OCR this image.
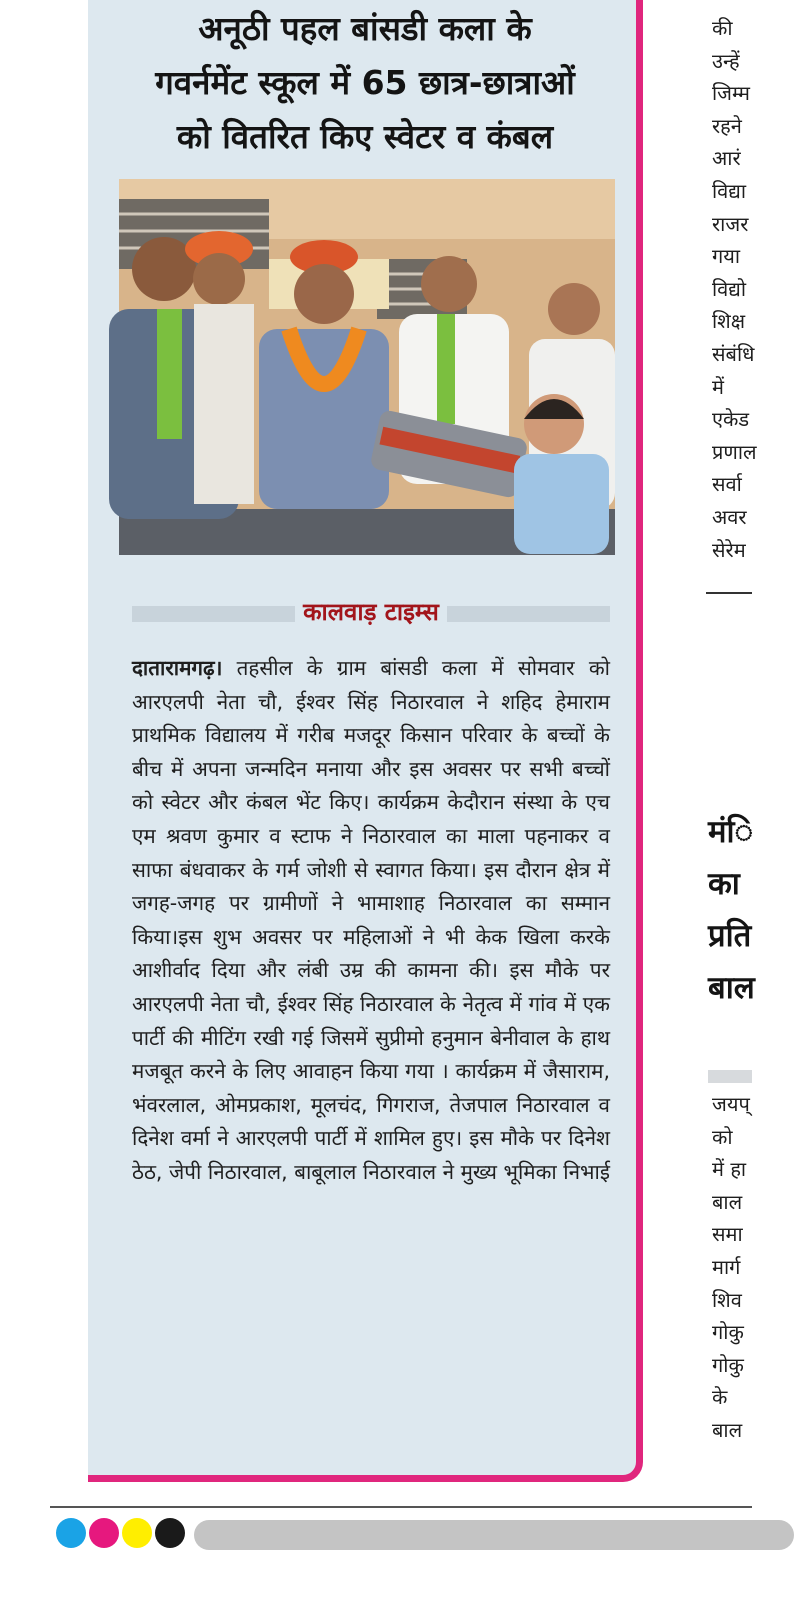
की
उन्हें
जिम्म
रहने
आरं
विद्या
राजर
गया
विद्यो
शिक्ष
संबंधि
में
एकेड
प्रणाल
सर्वा
अवर
सेरेम
मंि
का
प्रति
बाल
जयप्
को
में हा
बाल
समा
मार्ग
शिव
गोकु
गोकु
के
बाल
अनूठी पहल बांसडी कला के
गवर्नमेंट स्कूल में 65 छात्र-छात्राओं
को वितरित किए स्वेटर व कंबल
कालवाड़ टाइम्स
दातारामगढ़। तहसील के ग्राम बांसडी कला में सोमवार को आरएलपी नेता चौ, ईश्वर सिंह निठारवाल ने शहिद हेमाराम प्राथमिक विद्यालय में गरीब मजदूर किसान परिवार के बच्चों के बीच में अपना जन्मदिन मनाया और इस अवसर पर सभी बच्चों को स्वेटर और कंबल भेंट किए। कार्यक्रम केदौरान संस्था के एच एम श्रवण कुमार व स्टाफ ने निठारवाल का माला पहनाकर व साफा बंधवाकर के गर्म जोशी से स्वागत किया। इस दौरान क्षेत्र में जगह-जगह पर ग्रामीणों ने भामाशाह निठारवाल का सम्मान किया।इस शुभ अवसर पर महिलाओं ने भी केक खिला करके आशीर्वाद दिया और लंबी उम्र की कामना की। इस मौके पर आरएलपी नेता चौ, ईश्वर सिंह निठारवाल के नेतृत्व में गांव में एक पार्टी की मीटिंग रखी गई जिसमें सुप्रीमो हनुमान बेनीवाल के हाथ मजबूत करने के लिए आवाहन किया गया । कार्यक्रम में जैसाराम, भंवरलाल, ओमप्रकाश, मूलचंद, गिगराज, तेजपाल निठारवाल व दिनेश वर्मा ने आरएलपी पार्टी में शामिल हुए। इस मौके पर दिनेश ठेठ, जेपी निठारवाल, बाबूलाल निठारवाल ने मुख्य भूमिका निभाई
